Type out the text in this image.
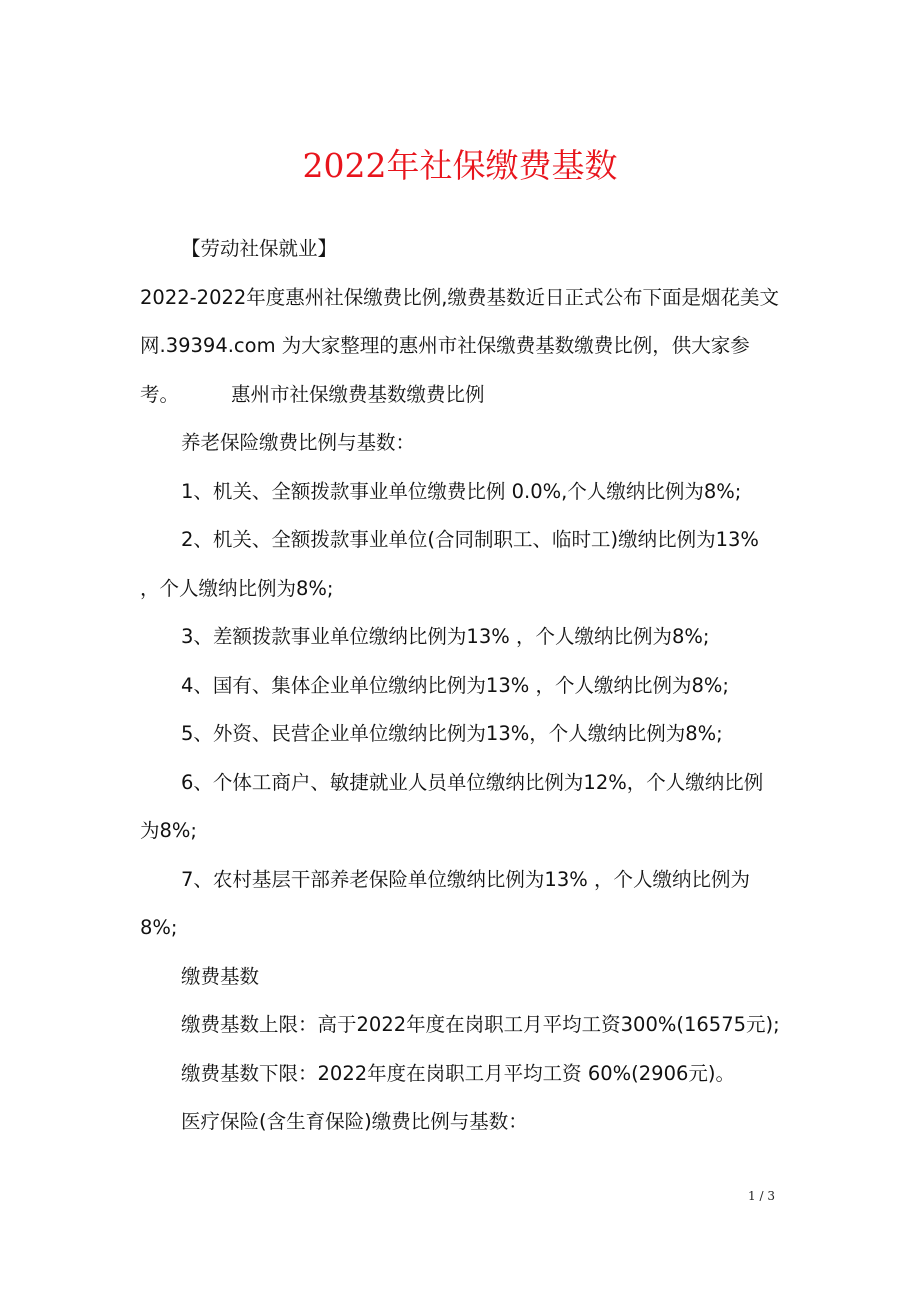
2022年社保缴费基数

【劳动社保就业】

2022-2022年度惠州社保缴费比例,缴费基数近日正式公布下面是烟花美文网.39394.com 为大家整理的惠州市社保缴费基数缴费比例，供大家参考。	惠州市社保缴费基数缴费比例

养老保险缴费比例与基数：

1、机关、全额拨款事业单位缴费比例 0.0%,个人缴纳比例为8%;

2、机关、全额拨款事业单位(合同制职工、临时工)缴纳比例为13% ，个人缴纳比例为8%;

3、差额拨款事业单位缴纳比例为13% ，个人缴纳比例为8%;

4、国有、集体企业单位缴纳比例为13% ，个人缴纳比例为8%;

5、外资、民营企业单位缴纳比例为13%，个人缴纳比例为8%;

6、个体工商户、敏捷就业人员单位缴纳比例为12%，个人缴纳比例为8%;

7、农村基层干部养老保险单位缴纳比例为13% ，个人缴纳比例为8%;

缴费基数

缴费基数上限：高于2022年度在岗职工月平均工资300%(16575元);

缴费基数下限：2022年度在岗职工月平均工资 60%(2906元)。

医疗保险(含生育保险)缴费比例与基数：

1 / 3
